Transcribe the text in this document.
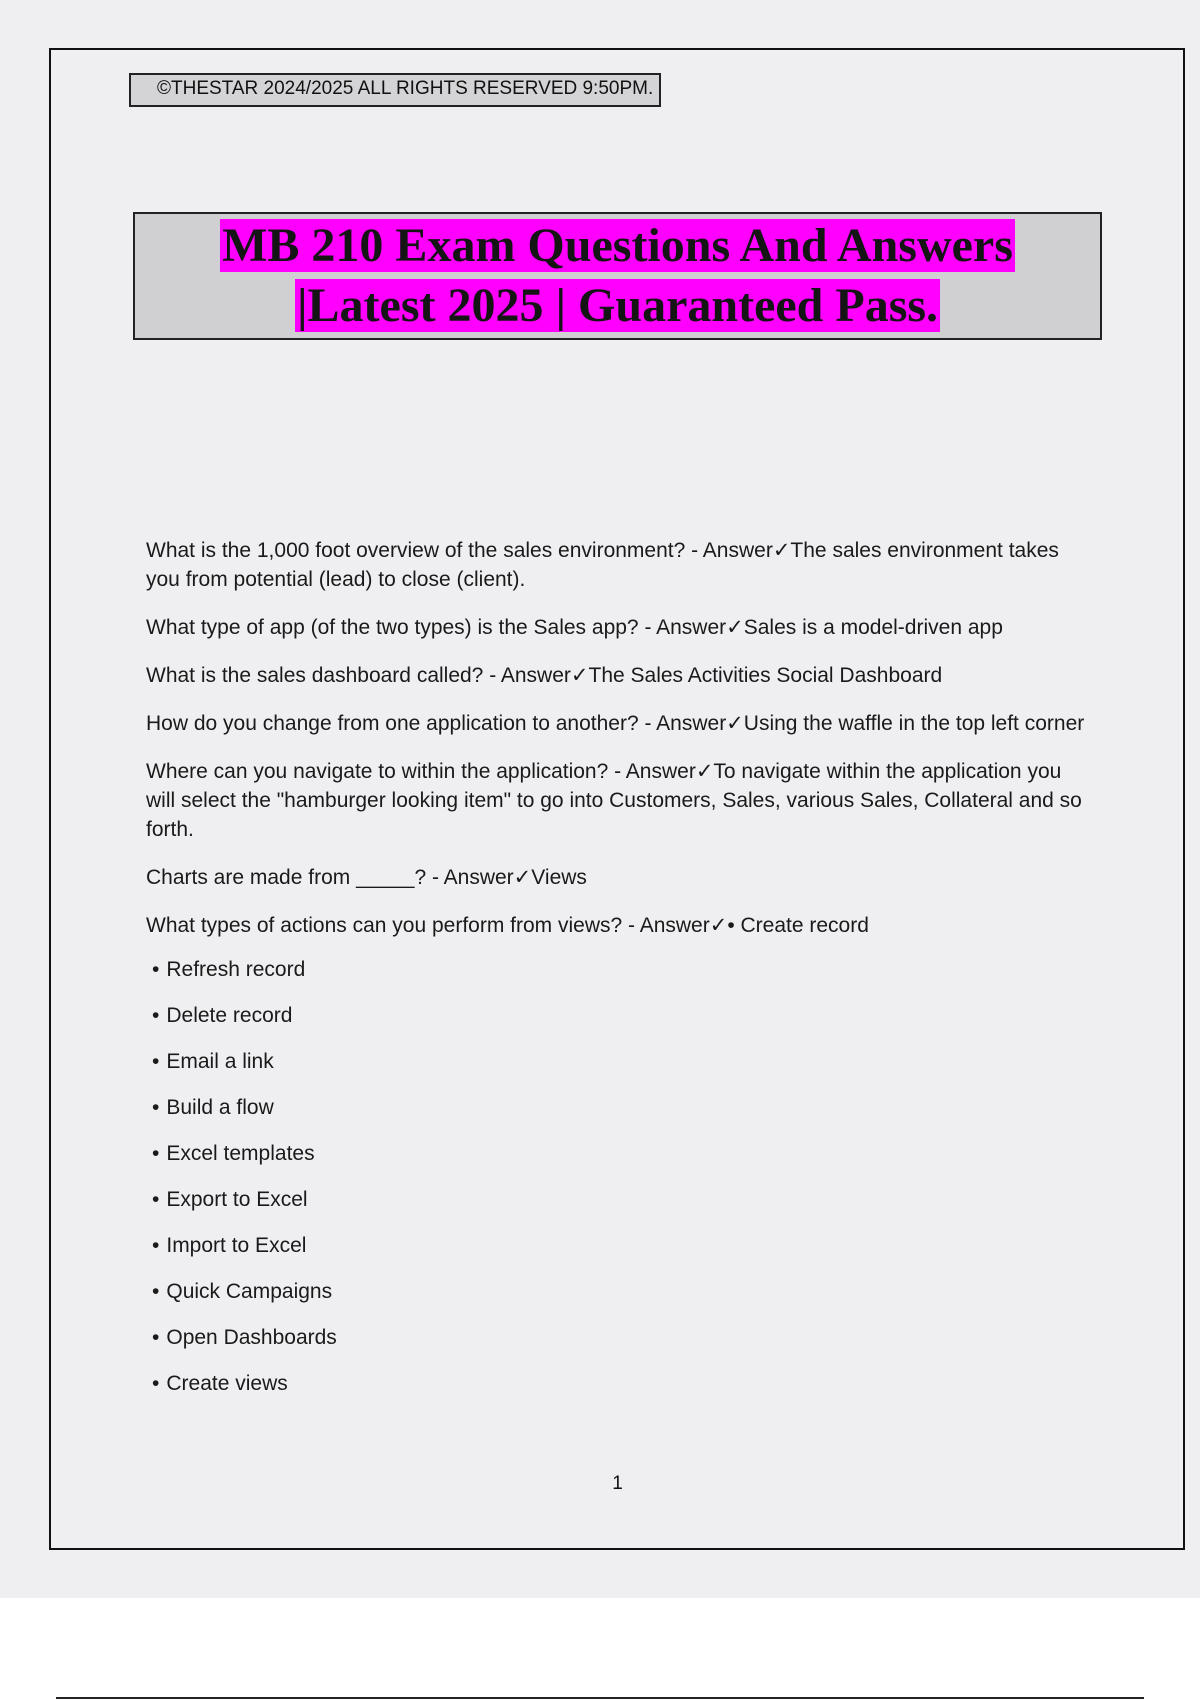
©THESTAR 2024/2025 ALL RIGHTS RESERVED 9:50PM.
MB 210 Exam Questions And Answers
|Latest 2025 | Guaranteed Pass.

What is the 1,000 foot overview of the sales environment? - Answer✓The sales environment takes you from potential (lead) to close (client).

What type of app (of the two types) is the Sales app? - Answer✓Sales is a model-driven app

What is the sales dashboard called? - Answer✓The Sales Activities Social Dashboard

How do you change from one application to another? - Answer✓Using the waffle in the top left corner

Where can you navigate to within the application? - Answer✓To navigate within the application you will select the "hamburger looking item" to go into Customers, Sales, various Sales, Collateral and so forth.

Charts are made from _____? - Answer✓Views

What types of actions can you perform from views? - Answer✓• Create record

• Refresh record
• Delete record
• Email a link
• Build a flow
• Excel templates
• Export to Excel
• Import to Excel
• Quick Campaigns
• Open Dashboards
• Create views
1
